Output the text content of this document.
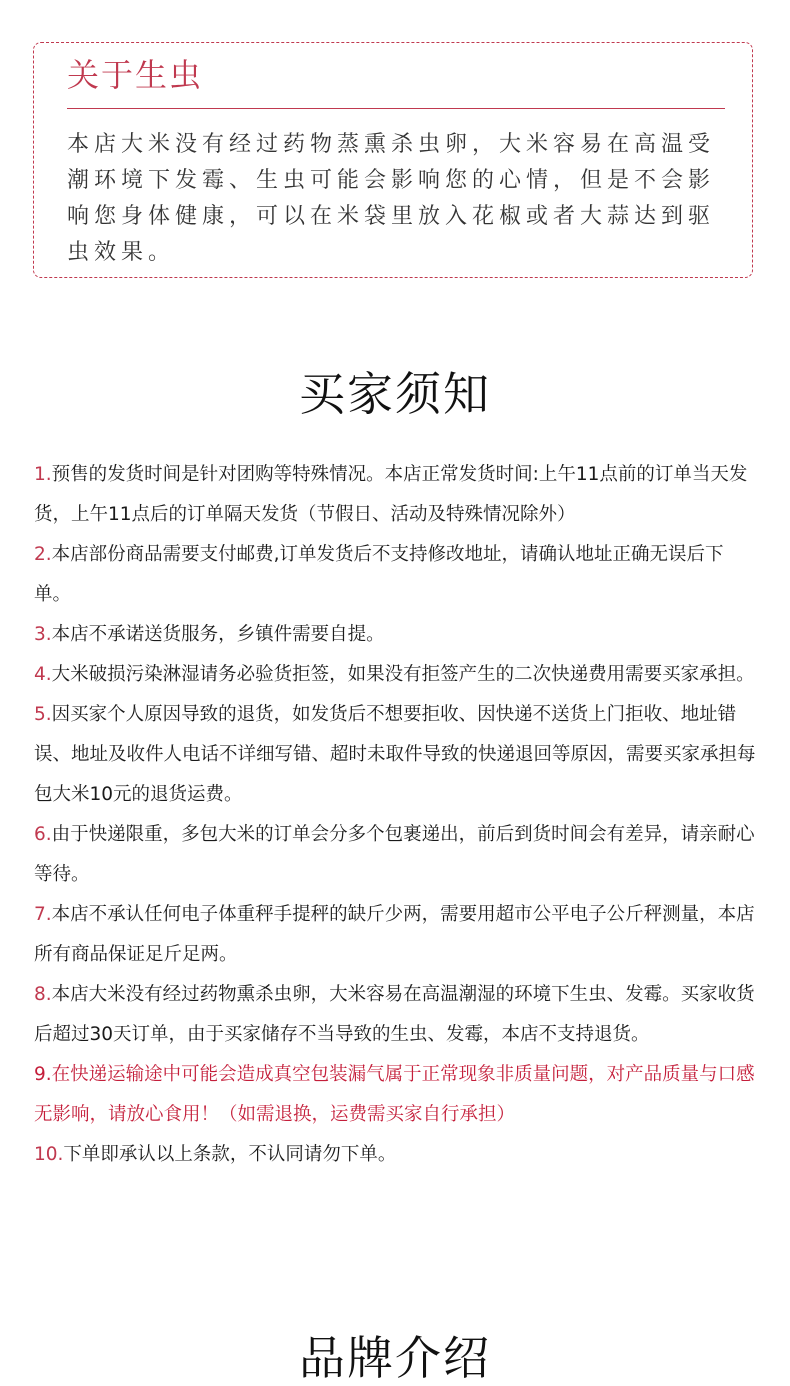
关于生虫

本店大米没有经过药物蒸熏杀虫卵，大米容易在高温受潮环境下发霉、生虫可能会影响您的心情，但是不会影响您身体健康，可以在米袋里放入花椒或者大蒜达到驱虫效果。

买家须知
1.预售的发货时间是针对团购等特殊情况。本店正常发货时间:上午11点前的订单当天发货，上午11点后的订单隔天发货（节假日、活动及特殊情况除外）
2.本店部份商品需要支付邮费,订单发货后不支持修改地址，请确认地址正确无误后下单。
3.本店不承诺送货服务，乡镇件需要自提。
4.大米破损污染淋湿请务必验货拒签，如果没有拒签产生的二次快递费用需要买家承担。
5.因买家个人原因导致的退货，如发货后不想要拒收、因快递不送货上门拒收、地址错误、地址及收件人电话不详细写错、超时未取件导致的快递退回等原因，需要买家承担每包大米10元的退货运费。
6.由于快递限重，多包大米的订单会分多个包裹递出，前后到货时间会有差异，请亲耐心等待。
7.本店不承认任何电子体重秤手提秤的缺斤少两，需要用超市公平电子公斤秤测量，本店所有商品保证足斤足两。
8.本店大米没有经过药物熏杀虫卵，大米容易在高温潮湿的环境下生虫、发霉。买家收货后超过30天订单，由于买家储存不当导致的生虫、发霉，本店不支持退货。
9.在快递运输途中可能会造成真空包装漏气属于正常现象非质量问题，对产品质量与口感无影响，请放心食用！（如需退换，运费需买家自行承担）
10.下单即承认以上条款，不认同请勿下单。
品牌介绍
